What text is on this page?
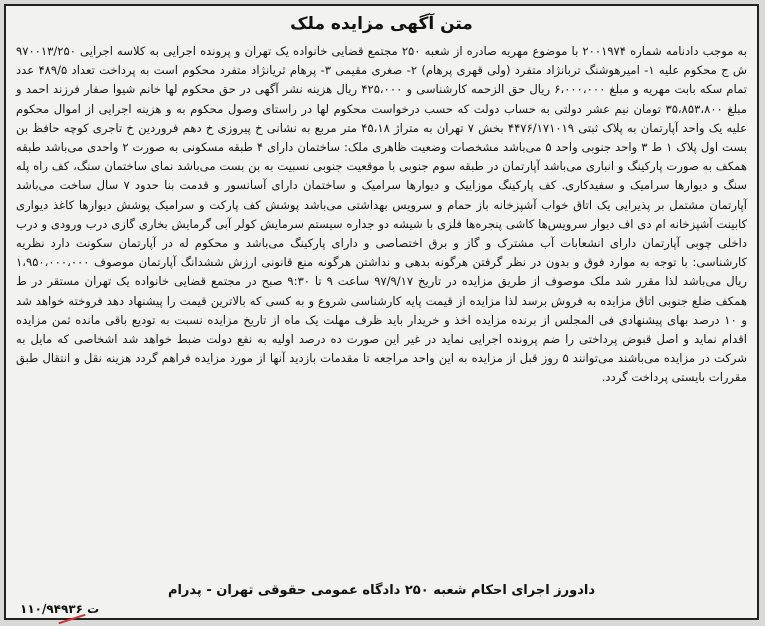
متن آگهی مزایده ملک

به موجب دادنامه شماره ۲۰۰۱۹۷۴ با موضوع مهریه صادره از شعبه ۲۵۰ مجتمع قضایی خانواده یک تهران و پرونده اجرایی به کلاسه اجرایی ۹۷۰۰۱۳/۲۵۰ ش ج محکوم علیه ۱- امیرهوشنگ تربانژاد متفرد (ولی قهری پرهام) ۲- صغری مقیمی ۳- پرهام ثریانژاد متفرد محکوم است به پرداخت تعداد ۴۸۹/۵ عدد تمام سکه بابت مهریه و مبلغ ۶،۰۰۰،۰۰۰ ریال حق الزحمه کارشناسی و ۴۲۵،۰۰۰ ریال هزینه نشر آگهی در حق محکوم لها خانم شیوا صفار فرزند احمد و مبلغ ۳۵،۸۵۳،۸۰۰ تومان نیم عشر دولتی به حساب دولت که حسب درخواست محکوم لها در راستای وصول محکوم به و هزینه اجرایی از اموال محکوم علیه یک واحد آپارتمان به پلاک ثبتی ۴۴۷۶/۱۷۱۰۱۹ بخش ۷ تهران به متراژ ۴۵،۱۸ متر مربع به نشانی خ پیروزی خ دهم فروردین خ تاجری کوچه حافظ بن بست اول پلاک ۱ ط ۳ واحد جنوبی واحد ۵ می‌باشد مشخصات وضعیت ظاهری ملک: ساختمان دارای ۴ طبقه مسکونی به صورت ۲ واحدی می‌باشد طبقه همکف به صورت پارکینگ و انباری می‌باشد آپارتمان در طبقه سوم جنوبی با موقعیت جنوبی نسبیت به بن بست می‌باشد نمای ساختمان سنگ، کف راه پله سنگ و دیوارها سرامیک و سفیدکاری. کف پارکینگ موزاییک و دیوارها سرامیک و ساختمان دارای آسانسور و قدمت بنا حدود ۷ سال ساخت می‌باشد آپارتمان مشتمل بر پذیرایی یک اتاق خواب آشپزخانه باز حمام و سرویس بهداشتی می‌باشد پوشش کف پارکت و سرامیک پوشش دیوارها کاغذ دیواری کابینت آشپزخانه ام دی اف دیوار سرویس‌ها کاشی پنجره‌ها فلزی با شیشه دو جداره سیستم سرمایش کولر آبی گرمایش بخاری گازی درب ورودی و درب داخلی چوبی آپارتمان دارای انشعابات آب مشترک و گاز و برق اختصاصی و دارای پارکینگ می‌باشد و محکوم له در آپارتمان سکونت دارد نظریه کارشناسی: با توجه به موارد فوق و بدون در نظر گرفتن هرگونه بدهی و نداشتن هرگونه منع قانونی ارزش ششدانگ آپارتمان موصوف ۱،۹۵۰،۰۰۰،۰۰۰ ریال می‌باشد لذا مقرر شد ملک موصوف از طریق مزایده در تاریخ ۹۷/۹/۱۷ ساعت ۹ تا ۹:۳۰ صبح در مجتمع قضایی خانواده یک تهران مستقر در ط همکف ضلع جنوبی اتاق مزایده به فروش برسد لذا مزایده از قیمت پایه کارشناسی شروع و به کسی که بالاترین قیمت را پیشنهاد دهد فروخته خواهد شد و ۱۰ درصد بهای پیشنهادی فی المجلس از برنده مزایده اخذ و خریدار باید ظرف مهلت یک ماه از تاریخ مزایده نسبت به تودیع باقی مانده ثمن مزایده اقدام نماید و اصل قبوض پرداختی را ضم پرونده اجرایی نماید در غیر این صورت ده درصد اولیه به نفع دولت ضبط خواهد شد اشخاصی که مایل به شرکت در مزایده می‌باشند می‌توانند ۵ روز قبل از مزایده به این واحد مراجعه تا مقدمات بازدید آنها از مورد مزایده فراهم گردد هزینه نقل و انتقال طبق مقررات بایستی پرداخت گردد.

دادورز اجرای احکام شعبه ۲۵۰ دادگاه عمومی حقوقی تهران - پدرام
۱۱۰/۹۴۹۳۶ ت
